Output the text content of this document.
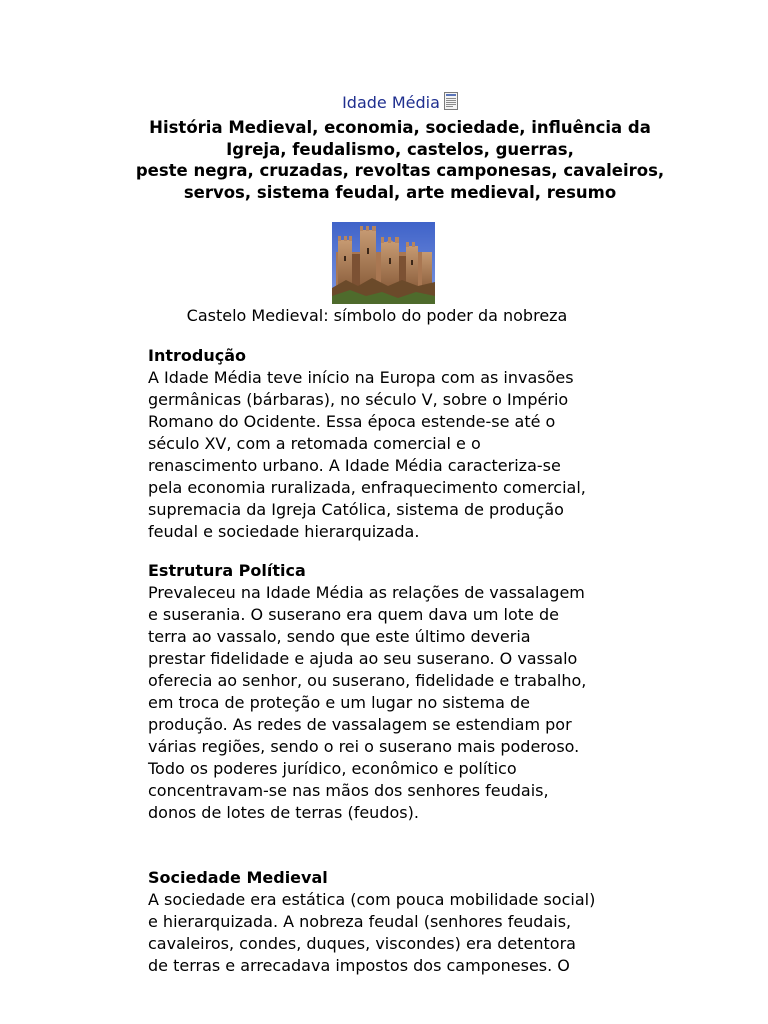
Idade Média
História Medieval, economia, sociedade, influência da
Igreja, feudalismo, castelos, guerras,
peste negra, cruzadas, revoltas camponesas, cavaleiros,
servos, sistema feudal, arte medieval, resumo
Castelo Medieval: símbolo do poder da nobreza
Introdução
A Idade Média teve início na Europa com as invasões
germânicas (bárbaras), no século V, sobre o Império
Romano do Ocidente. Essa época estende-se até o
século XV, com a retomada comercial e o
renascimento urbano. A Idade Média caracteriza-se
pela economia ruralizada, enfraquecimento comercial,
supremacia da Igreja Católica, sistema de produção
feudal e sociedade hierarquizada.
Estrutura Política
Prevaleceu na Idade Média as relações de vassalagem
e suserania. O suserano era quem dava um lote de
terra ao vassalo, sendo que este último deveria
prestar fidelidade e ajuda ao seu suserano. O vassalo
oferecia ao senhor, ou suserano, fidelidade e trabalho,
em troca de proteção e um lugar no sistema de
produção. As redes de vassalagem se estendiam por
várias regiões, sendo o rei o suserano mais poderoso.
Todo os poderes jurídico, econômico e político
concentravam-se nas mãos dos senhores feudais,
donos de lotes de terras (feudos).
Sociedade Medieval
A sociedade era estática (com pouca mobilidade social)
e hierarquizada. A nobreza feudal (senhores feudais,
cavaleiros, condes, duques, viscondes) era detentora
de terras e arrecadava impostos dos camponeses. O
